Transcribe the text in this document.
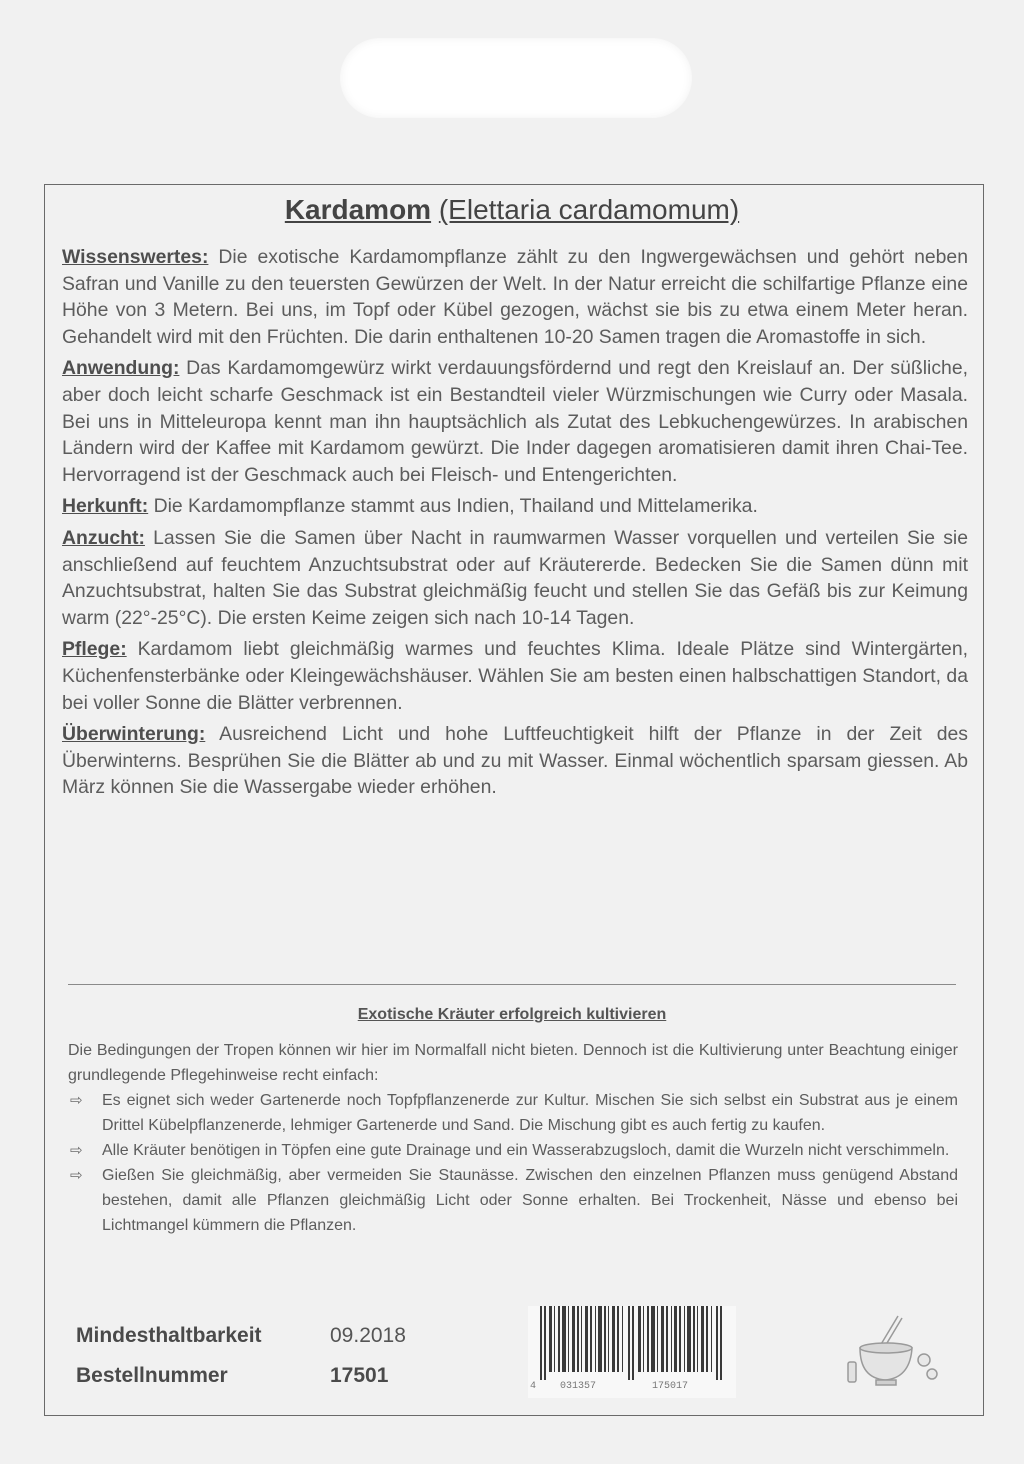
Kardamom (Elettaria cardamomum)

Wissenswertes: Die exotische Kardamompflanze zählt zu den Ingwergewächsen und gehört neben Safran und Vanille zu den teuersten Gewürzen der Welt. In der Natur erreicht die schilfartige Pflanze eine Höhe von 3 Metern. Bei uns, im Topf oder Kübel gezogen, wächst sie bis zu etwa einem Meter heran. Gehandelt wird mit den Früchten. Die darin enthaltenen 10-20 Samen tragen die Aromastoffe in sich.

Anwendung: Das Kardamomgewürz wirkt verdauungsfördernd und regt den Kreislauf an. Der süßliche, aber doch leicht scharfe Geschmack ist ein Bestandteil vieler Würzmischungen wie Curry oder Masala. Bei uns in Mitteleuropa kennt man ihn hauptsächlich als Zutat des Lebkuchengewürzes. In arabischen Ländern wird der Kaffee mit Kardamom gewürzt. Die Inder dagegen aromatisieren damit ihren Chai-Tee. Hervorragend ist der Geschmack auch bei Fleisch- und Entengerichten.

Herkunft: Die Kardamompflanze stammt aus Indien, Thailand und Mittelamerika.

Anzucht: Lassen Sie die Samen über Nacht in raumwarmen Wasser vorquellen und verteilen Sie sie anschließend auf feuchtem Anzuchtsubstrat oder auf Kräutererde. Bedecken Sie die Samen dünn mit Anzuchtsubstrat, halten Sie das Substrat gleichmäßig feucht und stellen Sie das Gefäß bis zur Keimung warm (22°-25°C). Die ersten Keime zeigen sich nach 10-14 Tagen.

Pflege: Kardamom liebt gleichmäßig warmes und feuchtes Klima. Ideale Plätze sind Wintergärten, Küchenfensterbänke oder Kleingewächshäuser. Wählen Sie am besten einen halbschattigen Standort, da bei voller Sonne die Blätter verbrennen.

Überwinterung: Ausreichend Licht und hohe Luftfeuchtigkeit hilft der Pflanze in der Zeit des Überwinterns. Besprühen Sie die Blätter ab und zu mit Wasser. Einmal wöchentlich sparsam giessen. Ab März können Sie die Wassergabe wieder erhöhen.

Exotische Kräuter erfolgreich kultivieren
Die Bedingungen der Tropen können wir hier im Normalfall nicht bieten. Dennoch ist die Kultivierung unter Beachtung einiger grundlegende Pflegehinweise recht einfach:
⇨ Es eignet sich weder Gartenerde noch Topfpflanzenerde zur Kultur. Mischen Sie sich selbst ein Substrat aus je einem Drittel Kübelpflanzenerde, lehmiger Gartenerde und Sand. Die Mischung gibt es auch fertig zu kaufen.
⇨ Alle Kräuter benötigen in Töpfen eine gute Drainage und ein Wasserabzugsloch, damit die Wurzeln nicht verschimmeln.
⇨ Gießen Sie gleichmäßig, aber vermeiden Sie Staunässe. Zwischen den einzelnen Pflanzen muss genügend Abstand bestehen, damit alle Pflanzen gleichmäßig Licht oder Sonne erhalten. Bei Trockenheit, Nässe und ebenso bei Lichtmangel kümmern die Pflanzen.
Mindesthaltbarkeit	09.2018
Bestellnummer	17501	4 031357	175017
